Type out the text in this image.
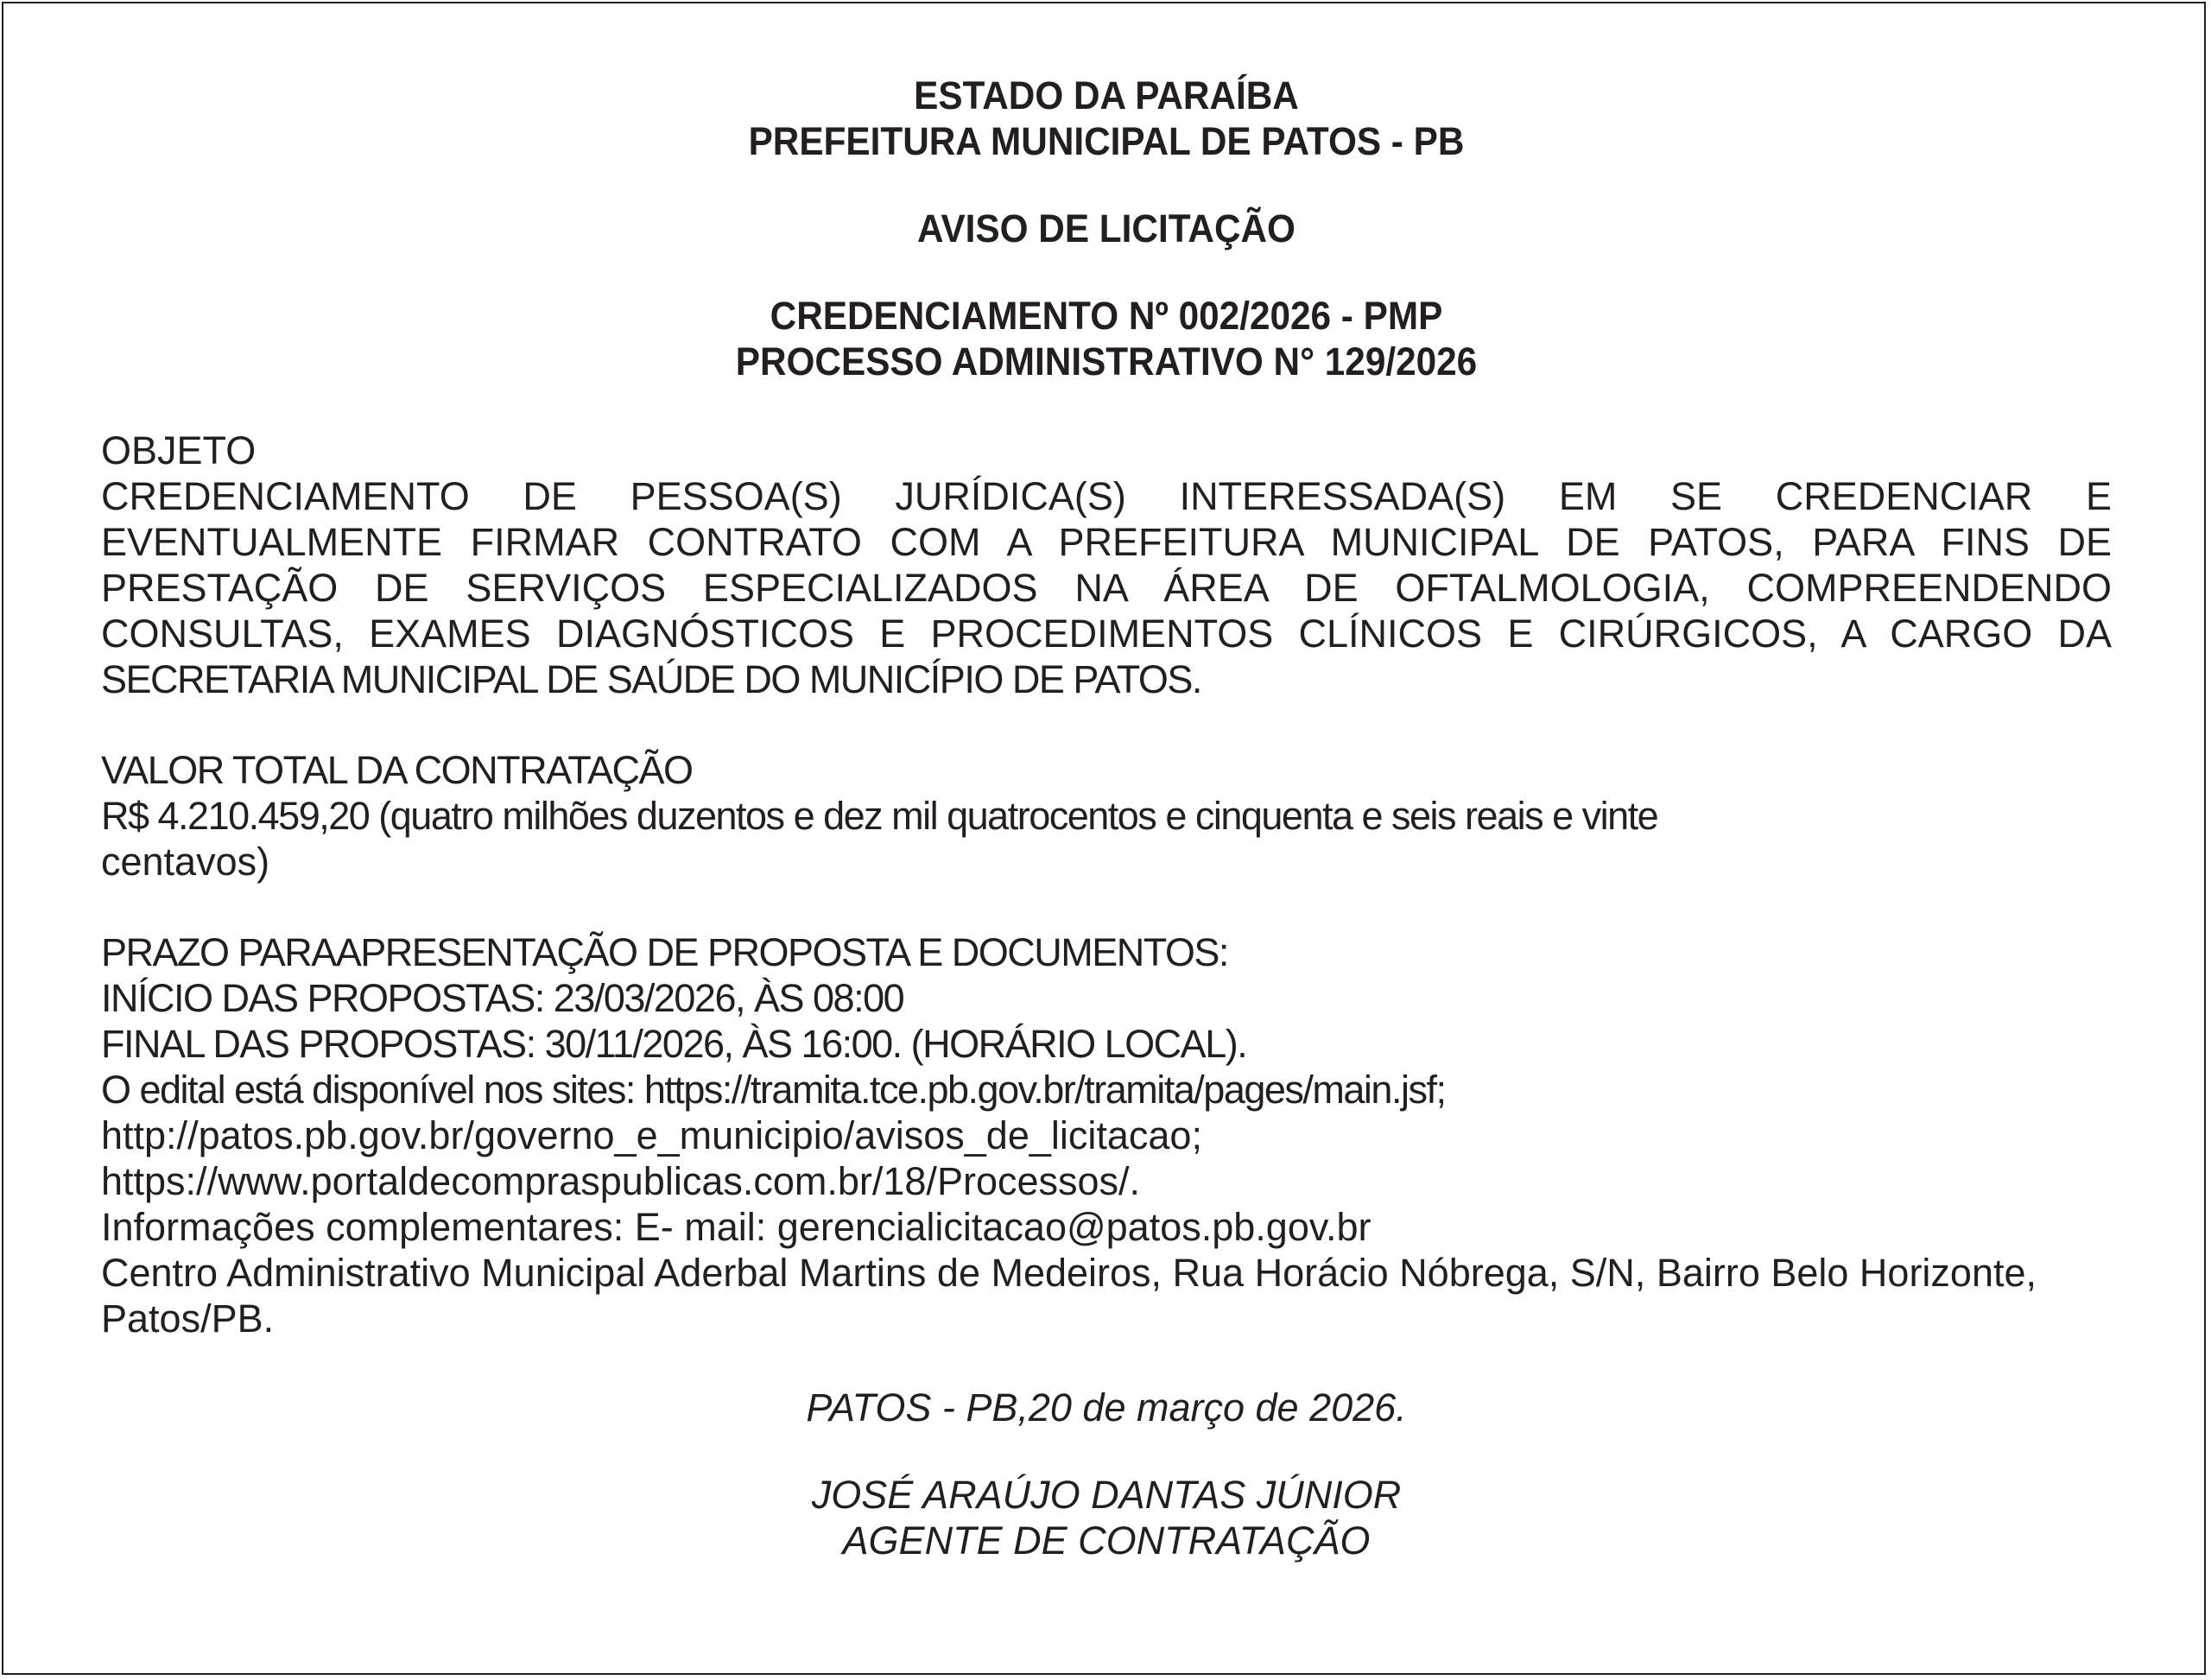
ESTADO DA PARAÍBA
PREFEITURA MUNICIPAL DE PATOS - PB
AVISO DE LICITAÇÃO
CREDENCIAMENTO Nº 002/2026 - PMP
PROCESSO ADMINISTRATIVO N° 129/2026
OBJETO
CREDENCIAMENTO DE PESSOA(S) JURÍDICA(S) INTERESSADA(S) EM SE CREDENCIAR E
EVENTUALMENTE FIRMAR CONTRATO COM A PREFEITURA MUNICIPAL DE PATOS, PARA FINS DE
PRESTAÇÃO DE SERVIÇOS ESPECIALIZADOS NA ÁREA DE OFTALMOLOGIA, COMPREENDENDO
CONSULTAS, EXAMES DIAGNÓSTICOS E PROCEDIMENTOS CLÍNICOS E CIRÚRGICOS, A CARGO DA
SECRETARIA MUNICIPAL DE SAÚDE DO MUNICÍPIO DE PATOS.
VALOR TOTAL DA CONTRATAÇÃO
R$ 4.210.459,20 (quatro milhões duzentos e dez mil quatrocentos e cinquenta e seis reais e vinte
centavos)
PRAZO PARAAPRESENTAÇÃO DE PROPOSTA E DOCUMENTOS:
INÍCIO DAS PROPOSTAS: 23/03/2026, ÀS 08:00
FINAL DAS PROPOSTAS: 30/11/2026, ÀS 16:00. (HORÁRIO LOCAL).
O edital está disponível nos sites: https://tramita.tce.pb.gov.br/tramita/pages/main.jsf;
http://patos.pb.gov.br/governo_e_municipio/avisos_de_licitacao;
https://www.portaldecompraspublicas.com.br/18/Processos/.
Informações complementares: E- mail: gerencialicitacao@patos.pb.gov.br
Centro Administrativo Municipal Aderbal Martins de Medeiros, Rua Horácio Nóbrega, S/N, Bairro Belo Horizonte,
Patos/PB.
PATOS - PB,20 de março de 2026.
JOSÉ ARAÚJO DANTAS JÚNIOR
AGENTE DE CONTRATAÇÃO
